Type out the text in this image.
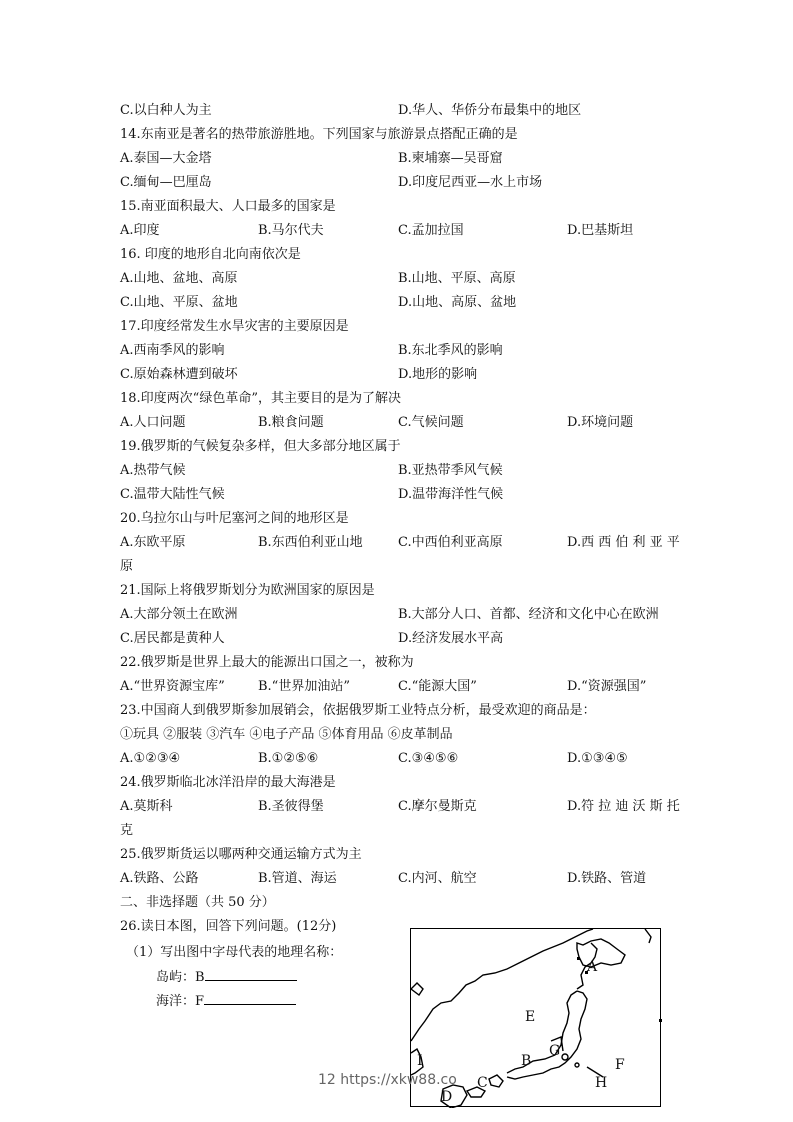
C.以白种人为主	D.华人、华侨分布最集中的地区
14.东南亚是著名的热带旅游胜地。下列国家与旅游景点搭配正确的是
A.泰国—大金塔	B.柬埔寨—吴哥窟
C.缅甸—巴厘岛	D.印度尼西亚—水上市场
15.南亚面积最大、人口最多的国家是
A.印度	B.马尔代夫	C.孟加拉国	D.巴基斯坦
16. 印度的地形自北向南依次是
A.山地、盆地、高原	B.山地、平原、高原
C.山地、平原、盆地	D.山地、高原、盆地
17.印度经常发生水旱灾害的主要原因是
A.西南季风的影响	B.东北季风的影响
C.原始森林遭到破坏	D.地形的影响
18.印度两次“绿色革命”，其主要目的是为了解决
A.人口问题	B.粮食问题	C.气候问题	D.环境问题
19.俄罗斯的气候复杂多样，但大多部分地区属于
A.热带气候	B.亚热带季风气候
C.温带大陆性气候	D.温带海洋性气候
20.乌拉尔山与叶尼塞河之间的地形区是
A.东欧平原	B.东西伯利亚山地	C.中西伯利亚高原	D.西 西 伯 利 亚 平
原
21.国际上将俄罗斯划分为欧洲国家的原因是
A.大部分领土在欧洲	B.大部分人口、首都、经济和文化中心在欧洲
C.居民都是黄种人	D.经济发展水平高
22.俄罗斯是世界上最大的能源出口国之一，被称为
A.“世界资源宝库”	B.“世界加油站”	C.“能源大国”	D.“资源强国”
23.中国商人到俄罗斯参加展销会，依据俄罗斯工业特点分析，最受欢迎的商品是：
①玩具 ②服装 ③汽车 ④电子产品 ⑤体育用品 ⑥皮革制品
A.①②③④	B.①②⑤⑥	C.③④⑤⑥	D.①③④⑤
24.俄罗斯临北冰洋沿岸的最大海港是
A.莫斯科	B.圣彼得堡	C.摩尔曼斯克	D.符 拉 迪 沃 斯 托
克
25.俄罗斯货运以哪两种交通运输方式为主
A.铁路、公路	B.管道、海运	C.内河、航空	D.铁路、管道
二、非选择题（共 50 分）
26.读日本图，回答下列问题。(12分)
（1）写出图中字母代表的地理名称：
岛屿：B
海洋：F
A
B
C
D
E
F
G
H
I
12 https://xkw88.co
